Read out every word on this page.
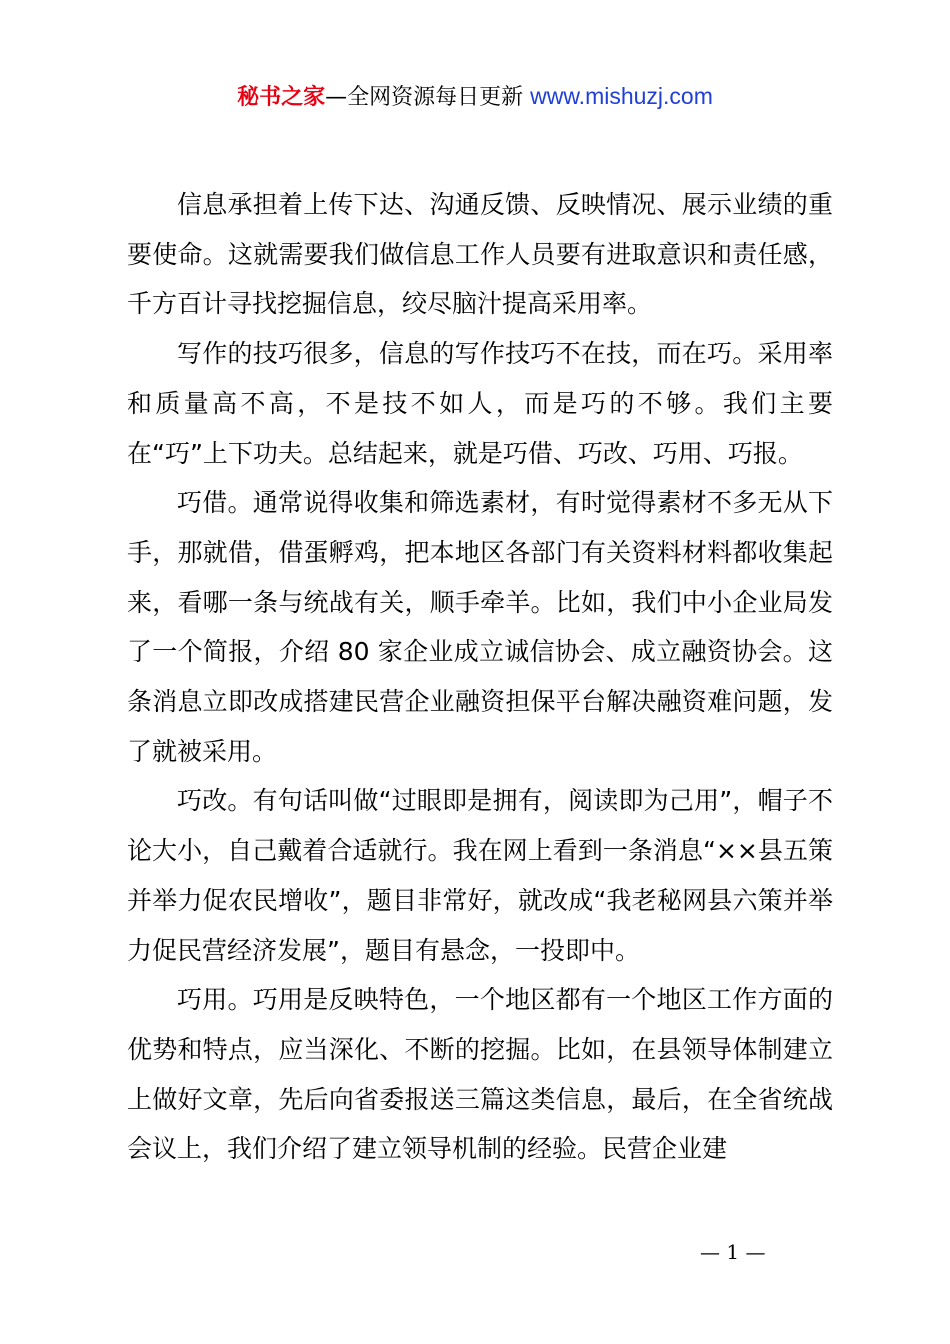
秘书之家—全网资源每日更新 www.mishuzj.com

信息承担着上传下达、沟通反馈、反映情况、展示业绩的重要使命。这就需要我们做信息工作人员要有进取意识和责任感，千方百计寻找挖掘信息，绞尽脑汁提高采用率。

写作的技巧很多，信息的写作技巧不在技，而在巧。采用率和质量高不高，不是技不如人，而是巧的不够。我们主要在“巧”上下功夫。总结起来，就是巧借、巧改、巧用、巧报。

巧借。通常说得收集和筛选素材，有时觉得素材不多无从下手，那就借，借蛋孵鸡，把本地区各部门有关资料材料都收集起来，看哪一条与统战有关，顺手牵羊。比如，我们中小企业局发了一个简报，介绍 80 家企业成立诚信协会、成立融资协会。这条消息立即改成搭建民营企业融资担保平台解决融资难问题，发了就被采用。

巧改。有句话叫做“过眼即是拥有，阅读即为己用”，帽子不论大小，自己戴着合适就行。我在网上看到一条消息“××县五策并举力促农民增收”，题目非常好，就改成“我老秘网县六策并举力促民营经济发展”，题目有悬念，一投即中。

巧用。巧用是反映特色，一个地区都有一个地区工作方面的优势和特点，应当深化、不断的挖掘。比如，在县领导体制建立上做好文章，先后向省委报送三篇这类信息，最后，在全省统战会议上，我们介绍了建立领导机制的经验。民营企业建

— 1 —
